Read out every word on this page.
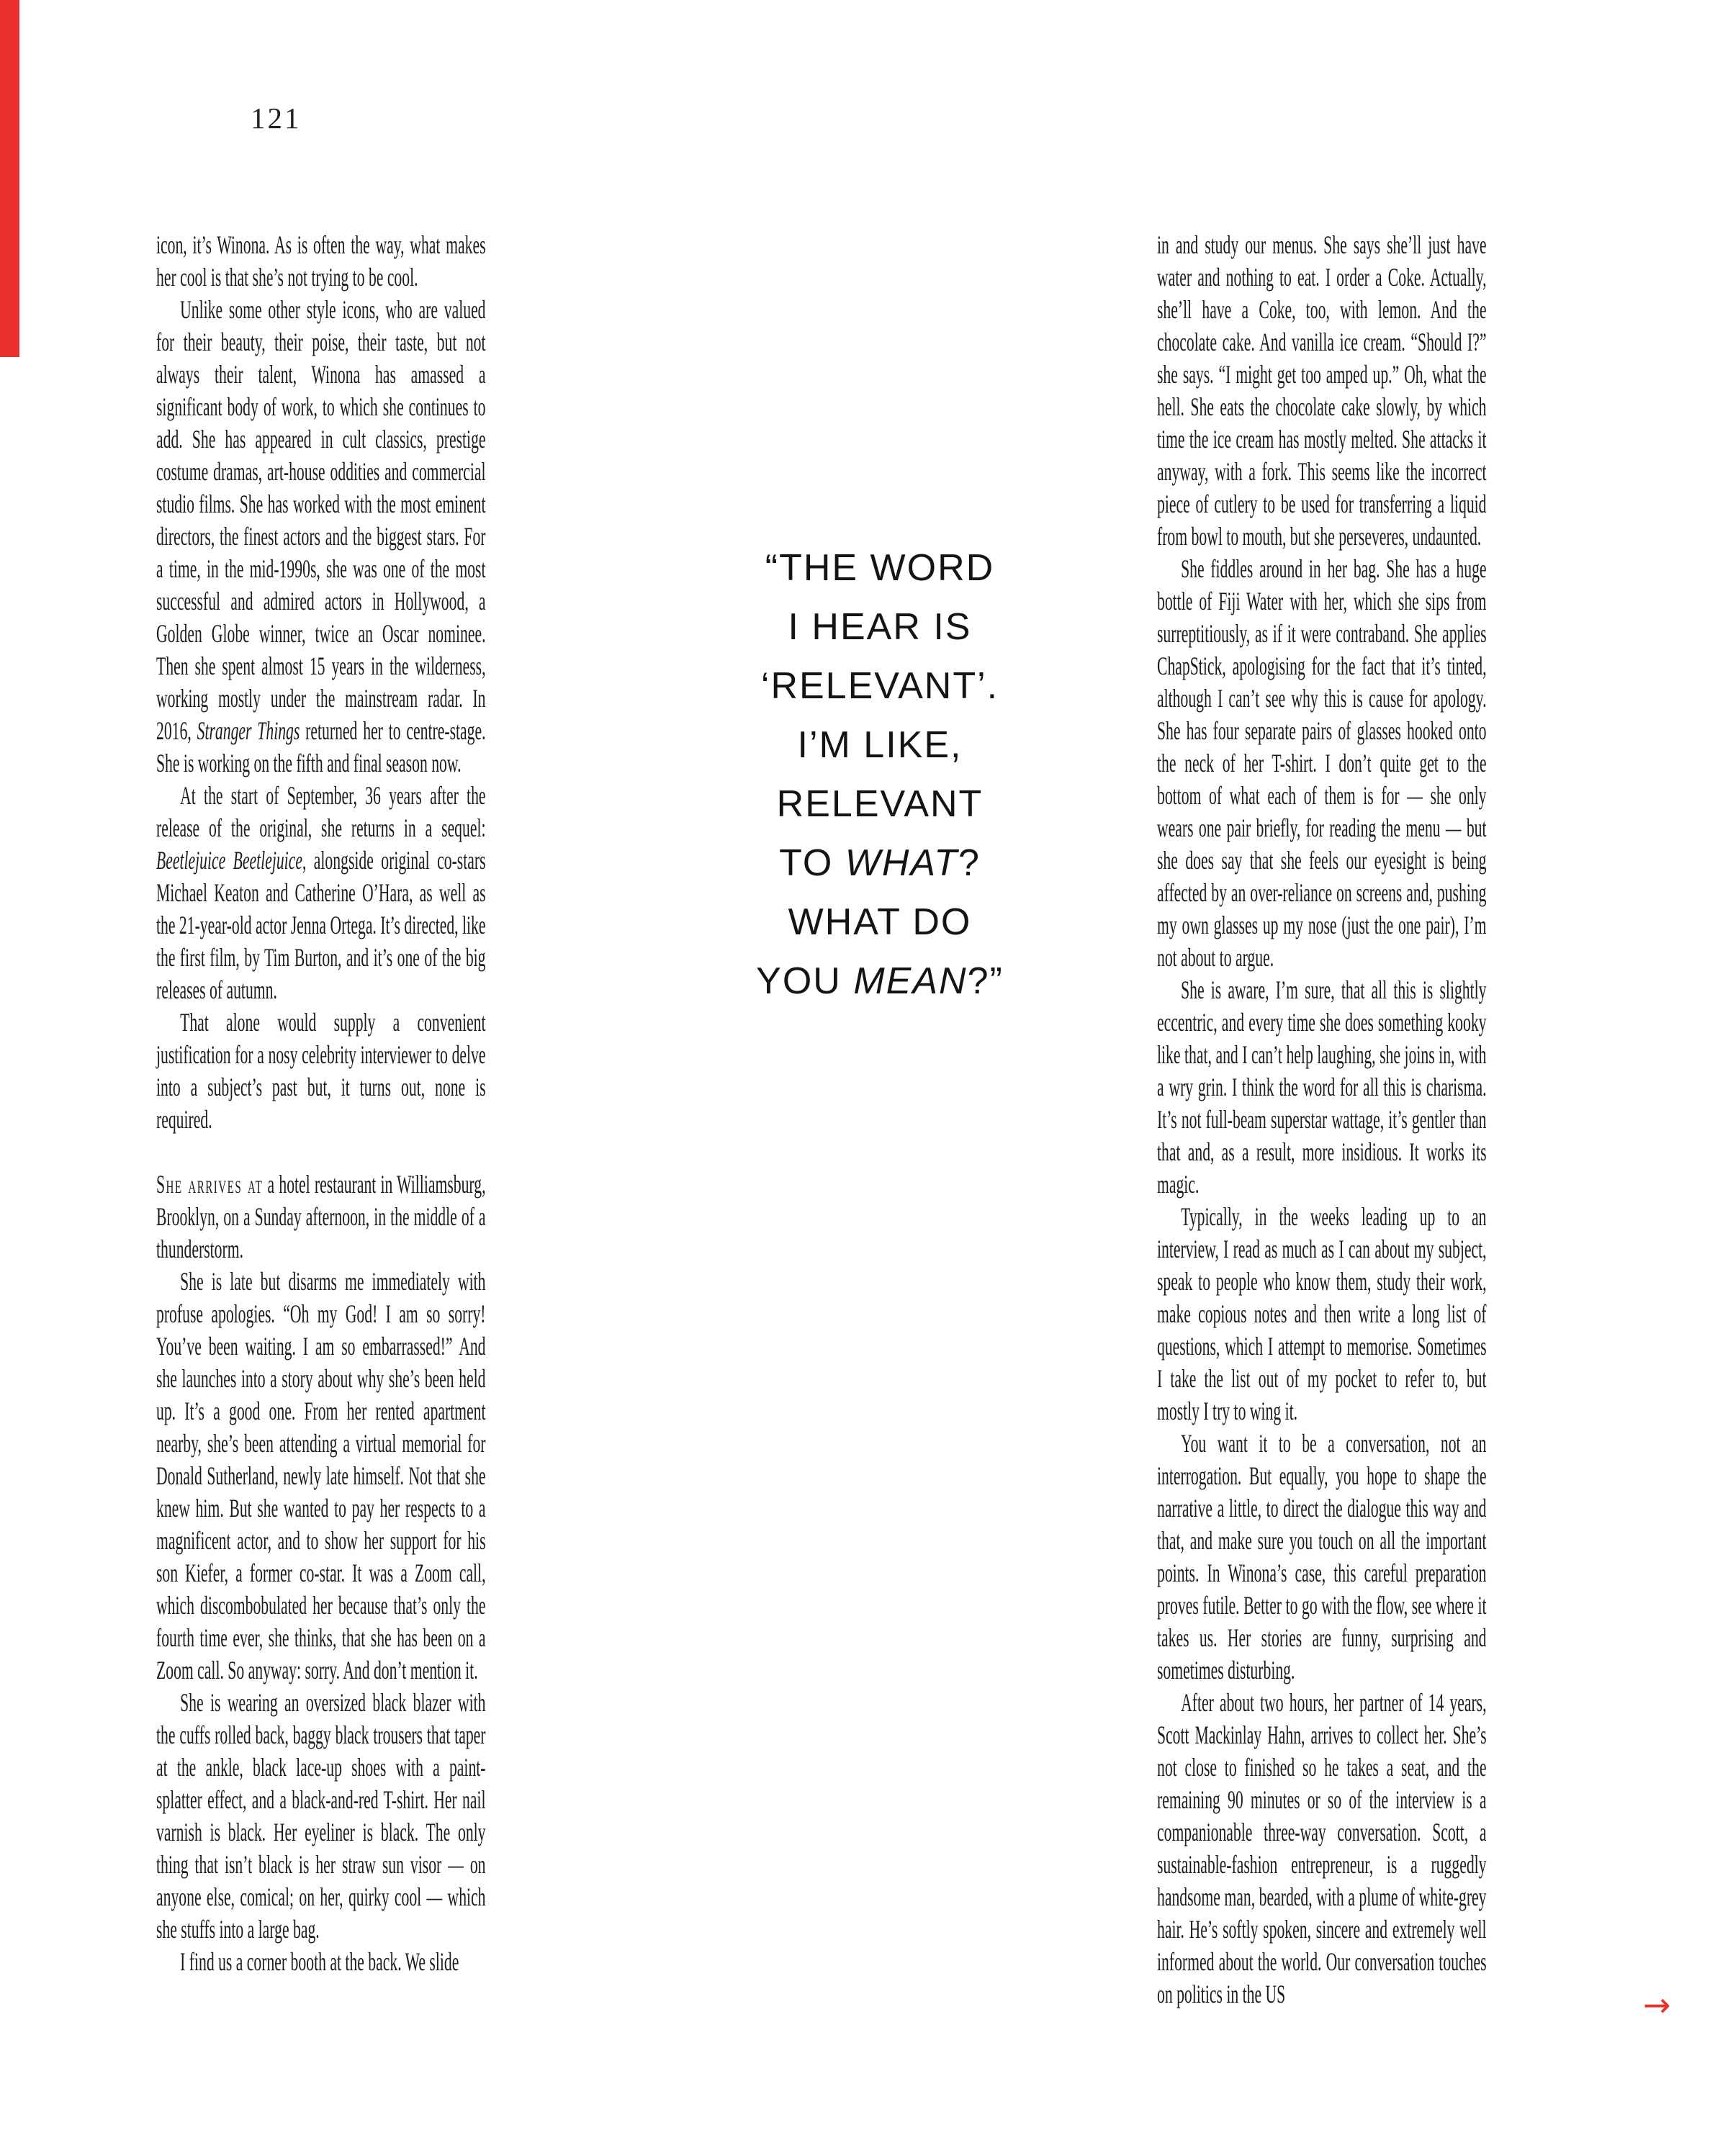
121

icon, it’s Winona. As is often the way, what makes her cool is that she’s not trying to be cool.

Unlike some other style icons, who are valued for their beauty, their poise, their taste, but not always their talent, Winona has amassed a significant body of work, to which she continues to add. She has appeared in cult classics, prestige costume dramas, art-house oddities and commercial studio films. She has worked with the most eminent directors, the finest actors and the biggest stars. For a time, in the mid-1990s, she was one of the most successful and admired actors in Hollywood, a Golden Globe winner, twice an Oscar nominee. Then she spent almost 15 years in the wilderness, working mostly under the mainstream radar. In 2016, Stranger Things returned her to centre-stage. She is working on the fifth and final season now.

At the start of September, 36 years after the release of the original, she returns in a sequel: Beetlejuice Beetlejuice, alongside original co-stars Michael Keaton and Catherine O’Hara, as well as the 21-year-old actor Jenna Ortega. It’s directed, like the first film, by Tim Burton, and it’s one of the big releases of autumn.

That alone would supply a convenient justification for a nosy celebrity interviewer to delve into a subject’s past but, it turns out, none is required.

She arrives at a hotel restaurant in Williamsburg, Brooklyn, on a Sunday afternoon, in the middle of a thunderstorm.

She is late but disarms me immediately with profuse apologies. “Oh my God! I am so sorry! You’ve been waiting. I am so embarrassed!” And she launches into a story about why she’s been held up. It’s a good one. From her rented apartment nearby, she’s been attending a virtual memorial for Donald Sutherland, newly late himself. Not that she knew him. But she wanted to pay her respects to a magnificent actor, and to show her support for his son Kiefer, a former co-star. It was a Zoom call, which discombobulated her because that’s only the fourth time ever, she thinks, that she has been on a Zoom call. So anyway: sorry. And don’t mention it.

She is wearing an oversized black blazer with the cuffs rolled back, baggy black trousers that taper at the ankle, black lace-up shoes with a paint-splatter effect, and a black-and-red T-shirt. Her nail varnish is black. Her eyeliner is black. The only thing that isn’t black is her straw sun visor — on anyone else, comical; on her, quirky cool — which she stuffs into a large bag.

I find us a corner booth at the back. We slide

“THE WORD
I HEAR IS
‘RELEVANT’.
I’M LIKE,
RELEVANT
TO WHAT?
WHAT DO
YOU MEAN?”

in and study our menus. She says she’ll just have water and nothing to eat. I order a Coke. Actually, she’ll have a Coke, too, with lemon. And the chocolate cake. And vanilla ice cream. “Should I?” she says. “I might get too amped up.” Oh, what the hell. She eats the chocolate cake slowly, by which time the ice cream has mostly melted. She attacks it anyway, with a fork. This seems like the incorrect piece of cutlery to be used for transferring a liquid from bowl to mouth, but she perseveres, undaunted.

She fiddles around in her bag. She has a huge bottle of Fiji Water with her, which she sips from surreptitiously, as if it were contraband. She applies ChapStick, apologising for the fact that it’s tinted, although I can’t see why this is cause for apology. She has four separate pairs of glasses hooked onto the neck of her T-shirt. I don’t quite get to the bottom of what each of them is for — she only wears one pair briefly, for reading the menu — but she does say that she feels our eyesight is being affected by an over-reliance on screens and, pushing my own glasses up my nose (just the one pair), I’m not about to argue.

She is aware, I’m sure, that all this is slightly eccentric, and every time she does something kooky like that, and I can’t help laughing, she joins in, with a wry grin. I think the word for all this is charisma. It’s not full-beam superstar wattage, it’s gentler than that and, as a result, more insidious. It works its magic.

Typically, in the weeks leading up to an interview, I read as much as I can about my subject, speak to people who know them, study their work, make copious notes and then write a long list of questions, which I attempt to memorise. Sometimes I take the list out of my pocket to refer to, but mostly I try to wing it.

You want it to be a conversation, not an interrogation. But equally, you hope to shape the narrative a little, to direct the dialogue this way and that, and make sure you touch on all the important points. In Winona’s case, this careful preparation proves futile. Better to go with the flow, see where it takes us. Her stories are funny, surprising and sometimes disturbing.

After about two hours, her partner of 14 years, Scott Mackinlay Hahn, arrives to collect her. She’s not close to finished so he takes a seat, and the remaining 90 minutes or so of the interview is a companionable three-way conversation. Scott, a sustainable-fashion entrepreneur, is a ruggedly handsome man, bearded, with a plume of white-grey hair. He’s softly spoken, sincere and extremely well informed about the world. Our conversation touches on politics in the US	→
